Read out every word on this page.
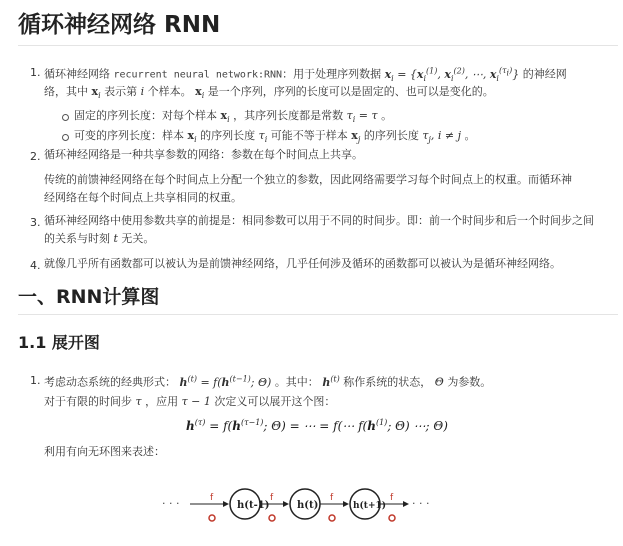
循环神经网络 RNN
1. 循环神经网络 recurrent neural network:RNN：用于处理序列数据 $x_i = \{x_i^{(1)}$, $x_i^{(2)}$, ⋯, $x_i^{(\tau_i)}$} 的神经网
络，其中 $x_i$ 表示第 i 个样本。 $x_i$ 是一个序列，序列的长度可以是固定的、也可以是变化的。
固定的序列长度：对每个样本 $x_i$ ，其序列长度都是常数 $\tau_i = \tau$ 。
可变的序列长度：样本 $x_i$ 的序列长度 $\tau_i$ 可能不等于样本 $x_j$ 的序列长度 $\tau_j$, i ≠ j 。
2. 循环神经网络是一种共享参数的网络：参数在每个时间点上共享。
传统的前馈神经网络在每个时间点上分配一个独立的参数，因此网络需要学习每个时间点上的权重。而循环神
经网络在每个时间点上共享相同的权重。
3. 循环神经网络中使用参数共享的前提是：相同参数可以用于不同的时间步。即：前一个时间步和后一个时间步之间
的关系与时刻 t 无关。
4. 就像几乎所有函数都可以被认为是前馈神经网络，几乎任何涉及循环的函数都可以被认为是循环神经网络。
一、RNN计算图
1.1 展开图
1. 考虑动态系统的经典形式： $h^{(t)} = f(h^{(t-1)}$; Θ) 。其中： $h^{(t)}$ 称作系统的状态， Θ 为参数。
对于有限的时间步 τ ，应用 τ − 1 次定义可以展开这个图：
$h^{(\tau)} = f(h^{(\tau-1)}$; Θ) = ⋯ = f(⋯ $f(h^{(1)}$; Θ) ⋯; Θ)
利用有向无环图来表述：
· · ·	f
h(t-1)
f
h(t)
f
h(t+1)
f · · ·
